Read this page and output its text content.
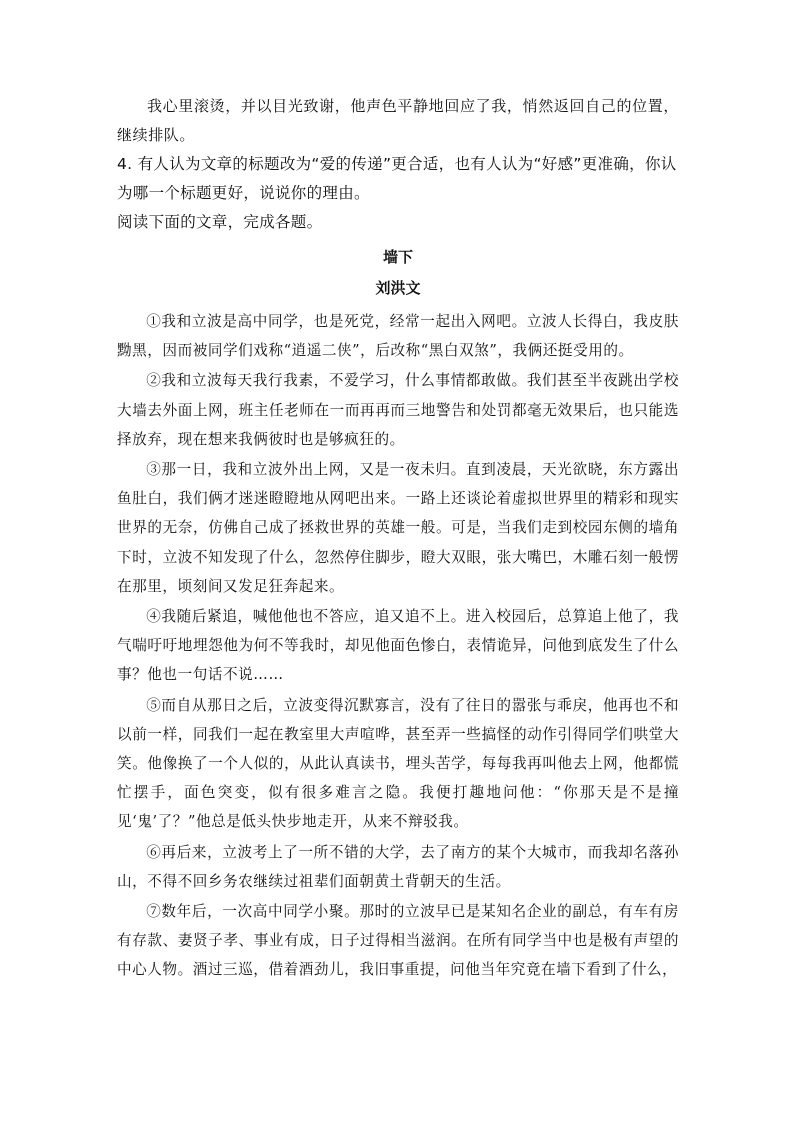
我心里滚烫，并以目光致谢，他声色平静地回应了我，悄然返回自己的位置，继续排队。

4. 有人认为文章的标题改为“爱的传递”更合适，也有人认为“好感”更准确，你认为哪一个标题更好，说说你的理由。

阅读下面的文章，完成各题。

墙下

刘洪文

①我和立波是高中同学，也是死党，经常一起出入网吧。立波人长得白，我皮肤黝黑，因而被同学们戏称“逍遥二侠”，后改称“黑白双煞”，我俩还挺受用的。

②我和立波每天我行我素，不爱学习，什么事情都敢做。我们甚至半夜跳出学校大墙去外面上网，班主任老师在一而再再而三地警告和处罚都毫无效果后，也只能选择放弃，现在想来我俩彼时也是够疯狂的。

③那一日，我和立波外出上网，又是一夜未归。直到凌晨，天光欲晓，东方露出鱼肚白，我们俩才迷迷瞪瞪地从网吧出来。一路上还谈论着虚拟世界里的精彩和现实世界的无奈，仿佛自己成了拯救世界的英雄一般。可是，当我们走到校园东侧的墙角下时，立波不知发现了什么，忽然停住脚步，瞪大双眼，张大嘴巴，木雕石刻一般愣在那里，顷刻间又发足狂奔起来。

④我随后紧追，喊他他也不答应，追又追不上。进入校园后，总算追上他了，我气喘吁吁地埋怨他为何不等我时，却见他面色惨白，表情诡异，问他到底发生了什么事？他也一句话不说……

⑤而自从那日之后，立波变得沉默寡言，没有了往日的嚣张与乖戾，他再也不和以前一样，同我们一起在教室里大声喧哗，甚至弄一些搞怪的动作引得同学们哄堂大笑。他像换了一个人似的，从此认真读书，埋头苦学，每每我再叫他去上网，他都慌忙摆手，面色突变，似有很多难言之隐。我便打趣地问他：“你那天是不是撞见‘鬼’了？”他总是低头快步地走开，从来不辩驳我。

⑥再后来，立波考上了一所不错的大学，去了南方的某个大城市，而我却名落孙山，不得不回乡务农继续过祖辈们面朝黄土背朝天的生活。

⑦数年后，一次高中同学小聚。那时的立波早已是某知名企业的副总，有车有房有存款、妻贤子孝、事业有成，日子过得相当滋润。在所有同学当中也是极有声望的中心人物。酒过三巡，借着酒劲儿，我旧事重提，问他当年究竟在墙下看到了什么，
